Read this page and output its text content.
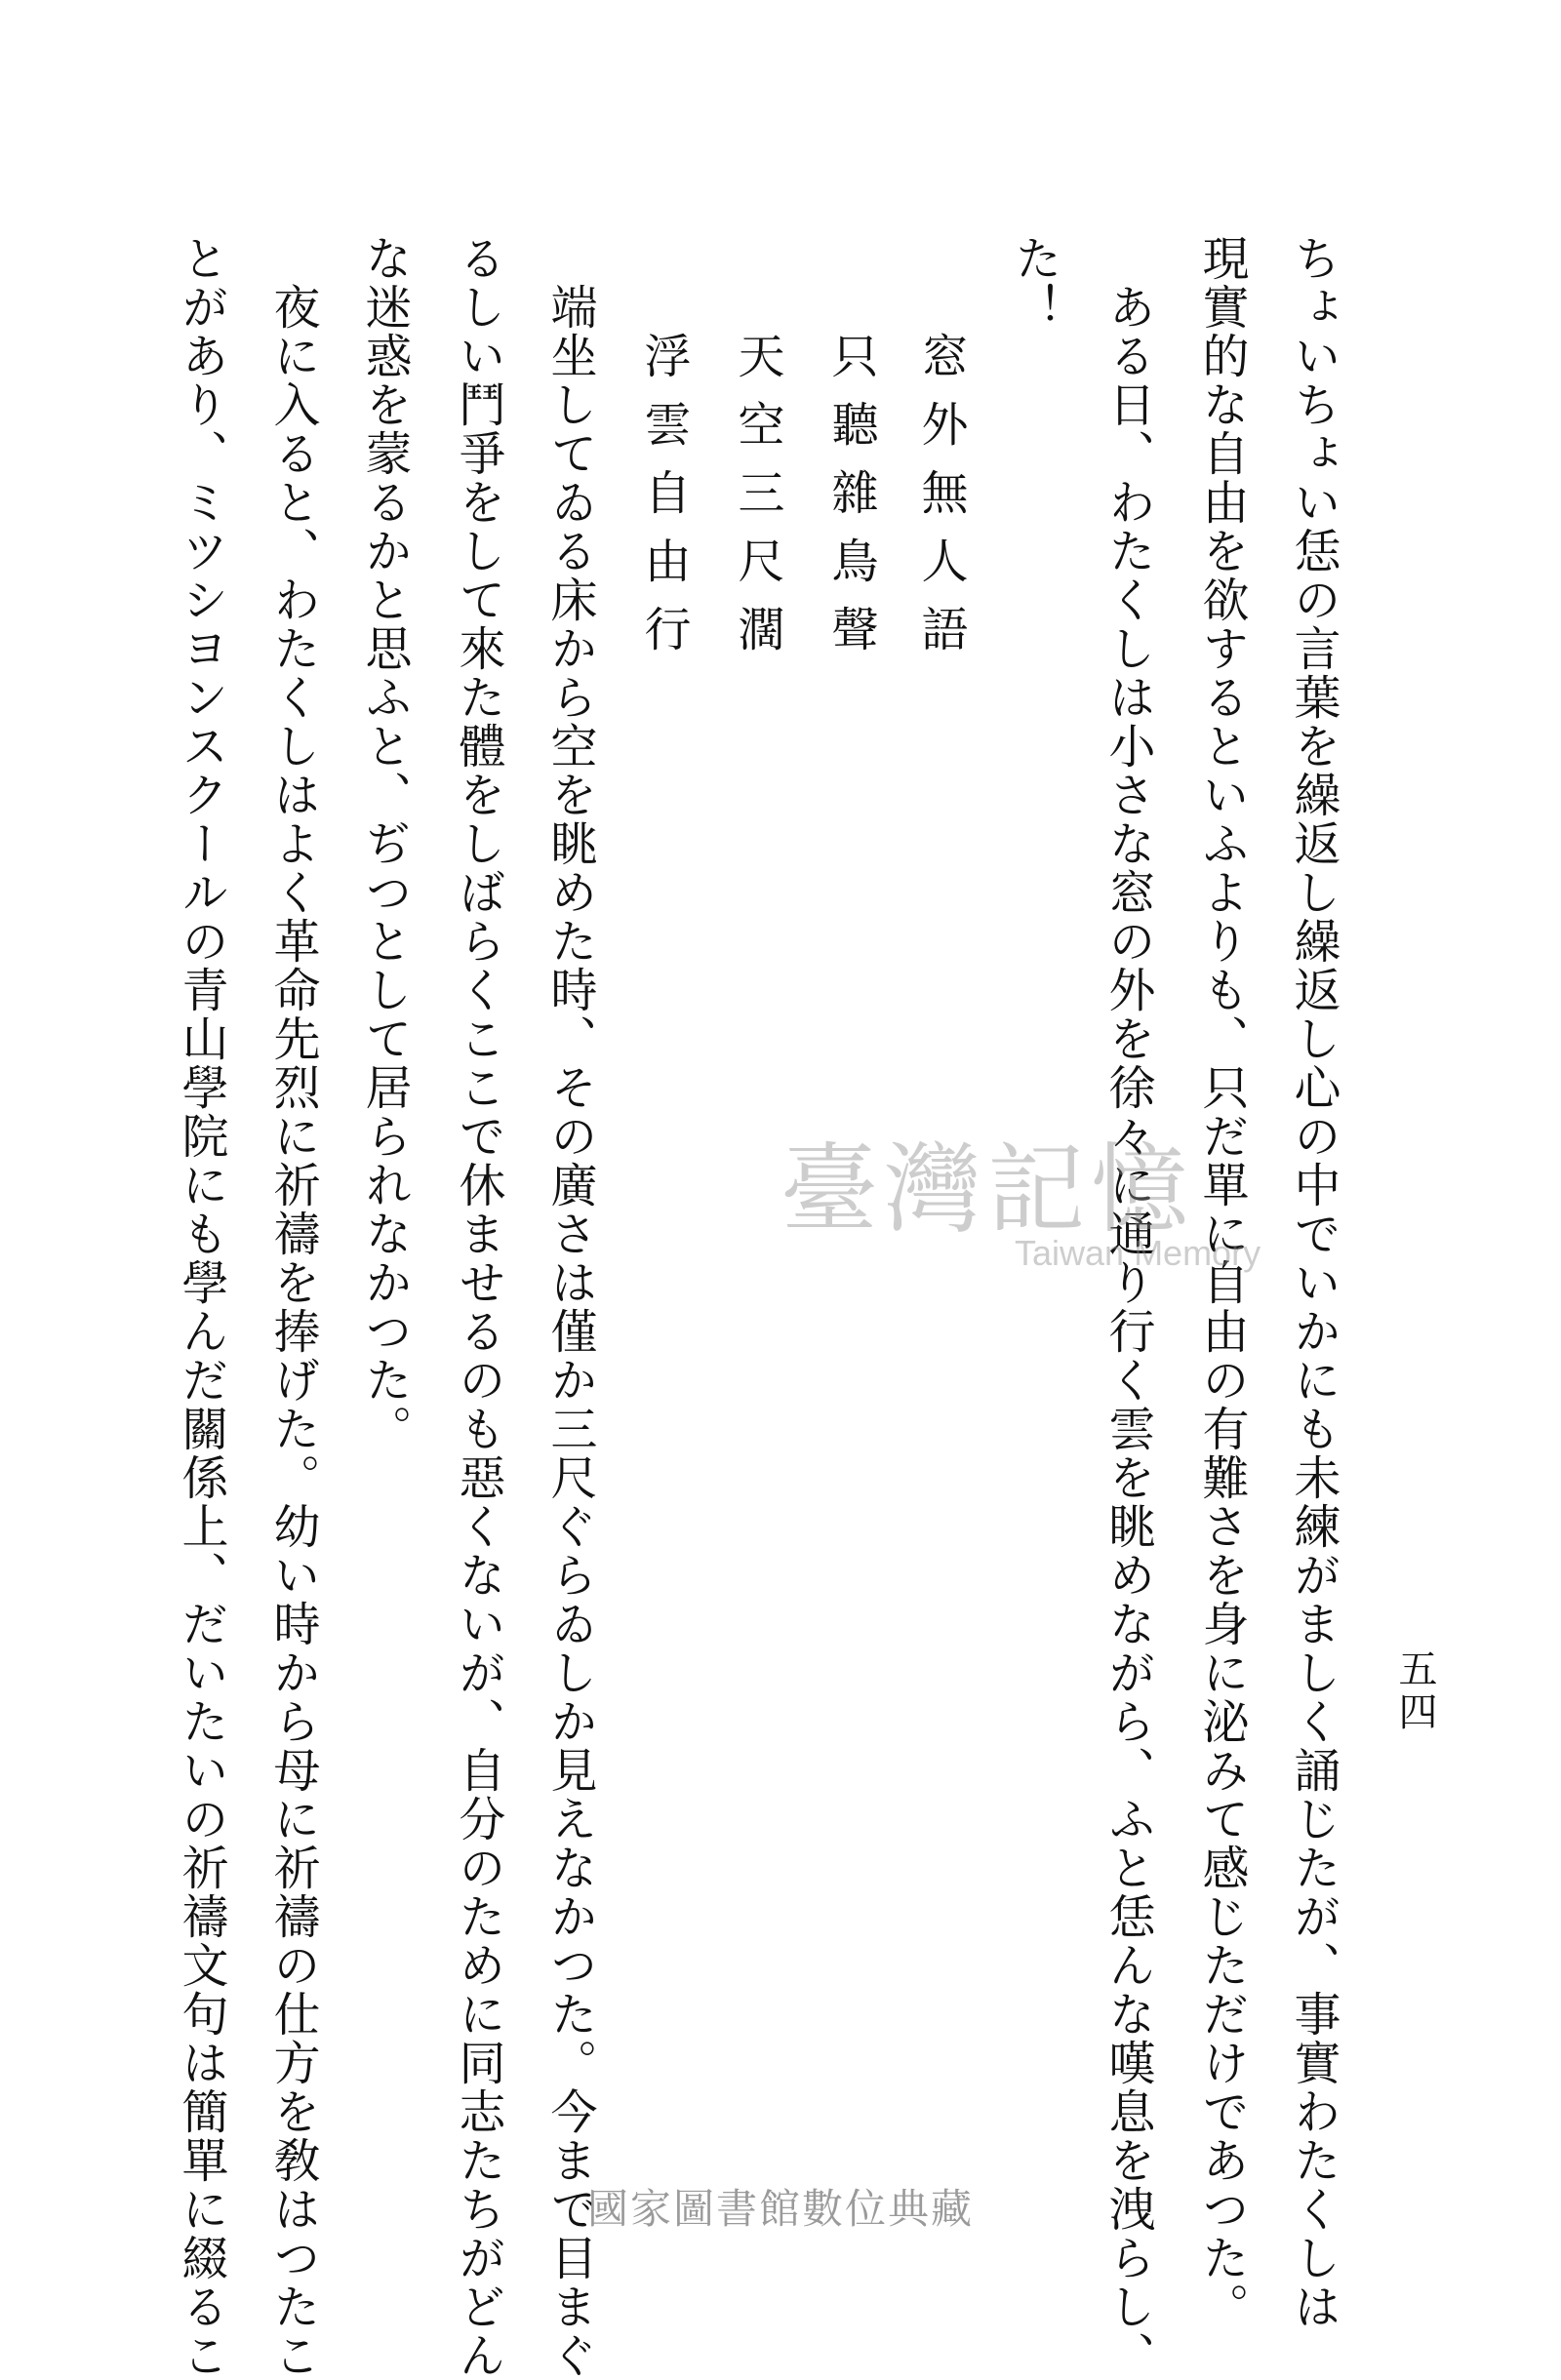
五四
ちょいちょい恁の言葉を繰返し繰返し心の中でいかにも未練がましく誦じたが、事實わたくしは
現實的な自由を欲するといふよりも、只だ單に自由の有難さを身に泌みて感じただけであつた。
ある日、わたくしは小さな窓の外を徐々に通り行く雲を眺めながら、ふと恁んな嘆息を洩らし、
た！
窓外無人語
只聽雜鳥聲
天空三尺濶
浮雲自由行
端坐してゐる床から空を眺めた時、その廣さは僅か三尺ぐらゐしか見えなかつた。今まで目まぐ
るしい鬥爭をして來た體をしばらくここで休ませるのも惡くないが、自分のために同志たちがどん
な迷惑を蒙るかと思ふと、ぢつとして居られなかつた。
夜に入ると、わたくしはよく革命先烈に祈禱を捧げた。幼い時から母に祈禱の仕方を敎はつたこ
とがあり、ミツシヨンスクールの青山學院にも學んだ關係上、だいたいの祈禱文句は簡單に綴るこ	臺灣記憶
Taiwan Memory
國家圖書館數位典藏
